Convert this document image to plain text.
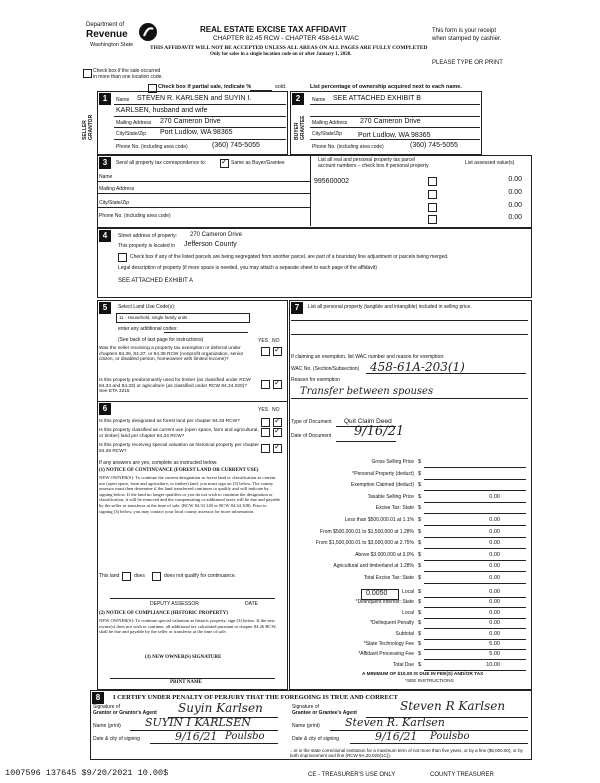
Department of
Revenue
Washington State
REAL ESTATE EXCISE TAX AFFIDAVIT
CHAPTER 82.45 RCW - CHAPTER 458-61A WAC
This form is your receipt
when stamped by cashier.
THIS AFFIDAVIT WILL NOT BE ACCEPTED UNLESS ALL AREAS ON ALL PAGES ARE FULLY COMPLETED
Only for sales in a single location code on or after January 1, 2020.
PLEASE TYPE OR PRINT
Check box if the sale occurred
in more than one location code.
Check box if partial sale, indicate %	sold.	List percentage of ownership acquired next to each name.
1
SELLER GRANTOR
Name STEVEN R. KARLSEN and SUYIN I.
KARLSEN, husband and wife
Mailing Address 270 Cameron Drive
City/State/Zip Port Ludlow, WA 98365
Phone No. (including area code)	(360) 745-5055
2
BUYER GRANTEE
Name SEE ATTACHED EXHIBIT B
Mailing Address 270 Cameron Drive
City/State/Zip Port Ludlow, WA 98365
Phone No. (including area code)	(360) 745-5055
3	Send all property tax correspondence to: ✓	Same as Buyer/Grantee	List all real and personal property tax parcel
account numbers – check box if personal property	List assessed value(s)
Name
Mailing Address
City/State/Zip
Phone No. (including area code)
995600002	0.00
0.00
0.00
0.00
4	Street address of property: 270 Cameron Drive
This property is located in Jefferson County
Check box if any of the listed parcels are being segregated from another parcel, are part of a boundary line adjustment or parcels being merged.
Legal description of property (if more space is needed, you may attach a separate sheet to each page of the affidavit)
SEE ATTACHED EXHIBIT A
5	Select Land Use Code(s):
11 - Household, single family units
enter any additional codes:
(See back of last page for instructions)	YES NO
Was the seller receiving a property tax exemption or deferral under chapters 84.36, 84.37, or 84.38 RCW (nonprofit organization, senior citizen, or disabled person, homeowner with limited income)?
✓
Is this property predominantly used for timber (as classified under RCW 84.34 and 84.33) or agriculture (as classified under RCW 84.34.020)? See ETA 3215
✓
6	YES NO
Is this property designated as forest land per chapter 84.33 RCW?
✓
Is this property classified as current use (open space, farm and agricultural, or timber) land per chapter 84.34 RCW?
✓
Is this property receiving special valuation as historical property per chapter 84.26 RCW?
✓
If any answers are yes, complete as instructed below.
(1) NOTICE OF CONTINUANCE (FOREST LAND OR CURRENT USE)
NEW OWNER(S): To continue the current designation as forest land or classification as current use (open space, farm and agriculture, or timber) land, you must sign on (3) below. The county assessor must then determine if the land transferred continues to qualify and will indicate by signing below. If the land no longer qualifies or you do not wish to continue the designation or classification, it will be removed and the compensating or additional taxes will be due and payable by the seller or transferor at the time of sale. (RCW 84.33.140 or RCW 84.34.108). Prior to signing (3) below, you may contact your local county assessor for more information.
This land	does	does not qualify for continuance.
DEPUTY ASSESSOR	DATE
(2) NOTICE OF COMPLIANCE (HISTORIC PROPERTY)
NEW OWNER(S): To continue special valuation as historic property, sign (3) below. If the new owner(s) does not wish to continue, all additional tax calculated pursuant to chapter 84.26 RCW, shall be due and payable by the seller or transferor at the time of sale.
(3) NEW OWNER(S) SIGNATURE
PRINT NAME
7	List all personal property (tangible and intangible) included in selling price.
If claiming an exemption, list WAC number and reason for exemption:
WAC No. (Section/Subsection) 458-61A-203(1)
Reason for exemption
Transfer between spouses
Type of Document Quit Claim Deed
Date of Document 9/16/21
Gross Selling Price $
*Personal Property (deduct) $
Exemption Claimed (deduct) $
Taxable Selling Price $	0.00
Excise Tax: State $
Less than $500,000.01 at 1.1% $	0.00
From $500,000.01 to $1,500,000 at 1.28% $	0.00
From $1,500,000.01 to $3,000,000 at 2.75% $	0.00
Above $3,000,000 at 3.0% $	0.00
Agricultural and timberland at 1.28% $	0.00
Total Excise Tax: State $	0.00
0.0050	Local $	0.00
*Delinquent Interest: State $	0.00
Local $	0.00
*Delinquent Penalty $	0.00
Subtotal $	0.00
*State Technology Fee $	5.00
*Affidavit Processing Fee $	5.00
Total Due $	10.00
A MINIMUM OF $10.00 IS DUE IN FEE(S) AND/OR TAX
*SEE INSTRUCTIONS
8	I CERTIFY UNDER PENALTY OF PERJURY THAT THE FOREGOING IS TRUE AND CORRECT
Signature of
Grantor or Grantor's Agent Suyin Karlsen
Name (print) SUYIN I KARLSEN
Date & city of signing	9/16/21 Poulsbo
Signature of
Grantee or Grantee's Agent	Steven R Karlsen
Name (print) Steven R. Karlsen
Date & city of signing	9/16/21 Poulsbo
...nt in the state correctional institution for a maximum term of not more than five years, or by a fine ($5,000.00), or by both imprisonment and fine (RCW 9A.20.020(1C)).
1007596 137645 $9/20/2021 10.00$	CE - TREASURER'S USE ONLY	COUNTY TREASURER
